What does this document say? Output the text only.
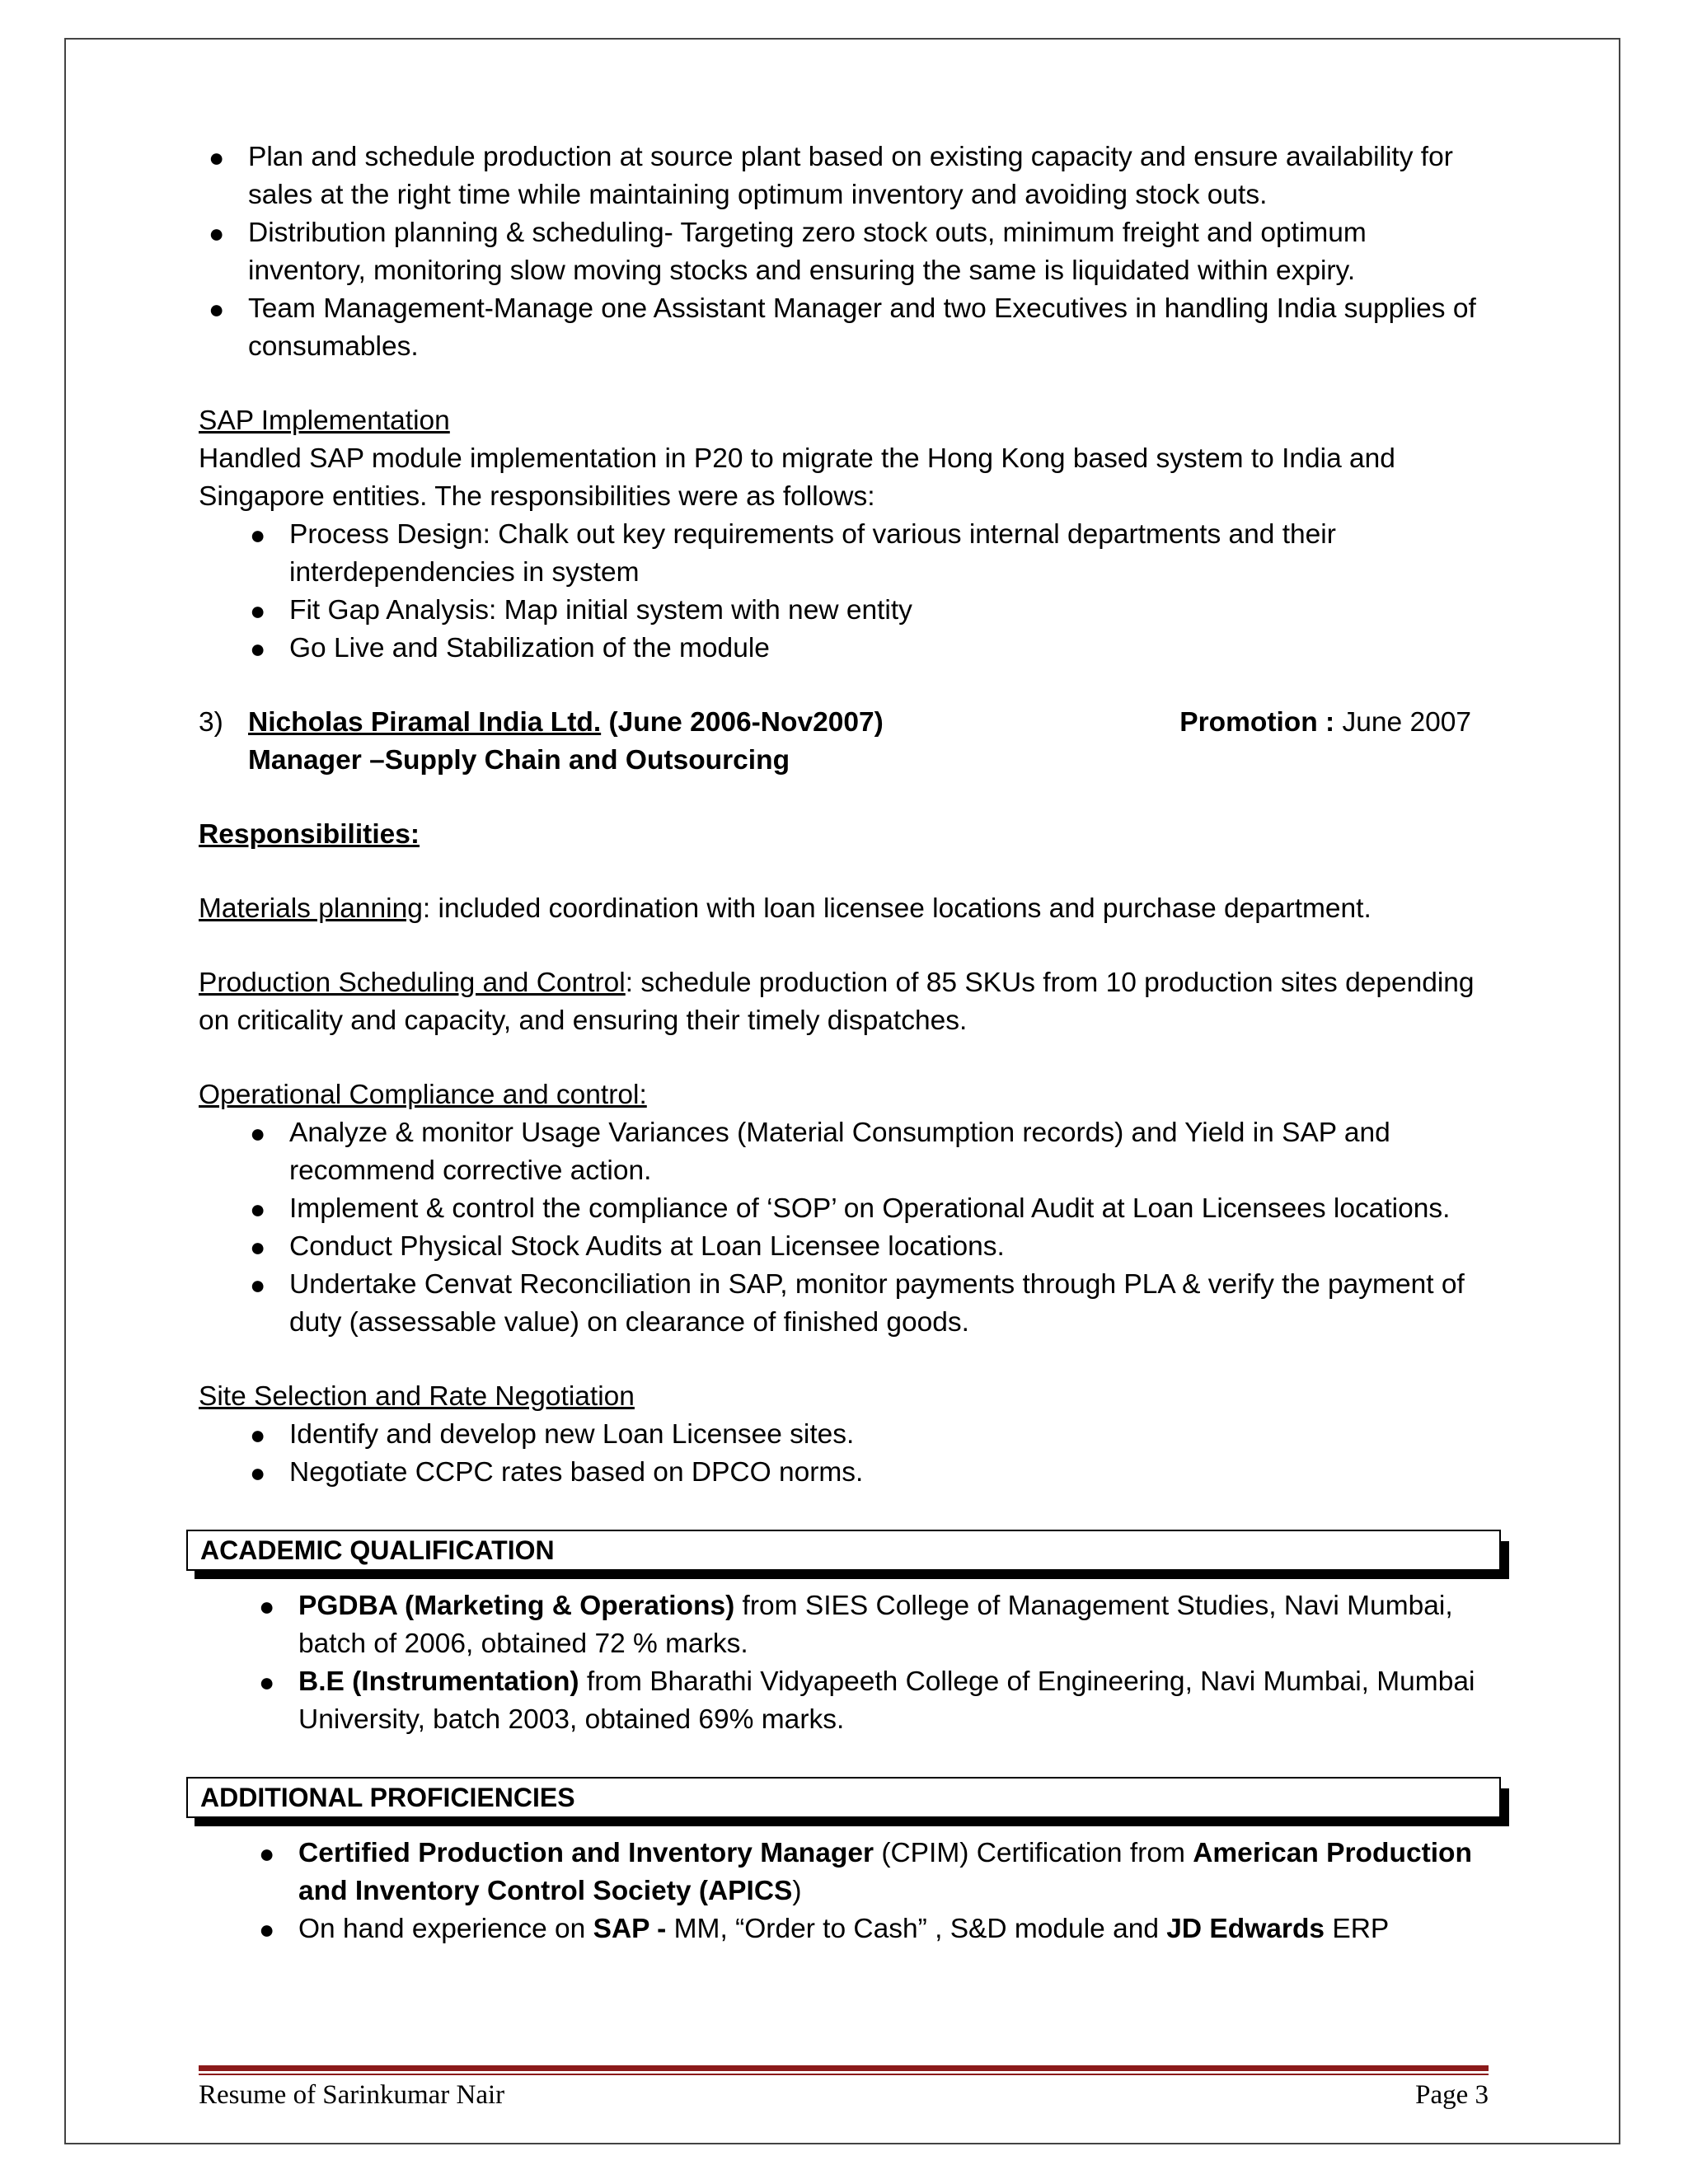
● Plan and schedule production at source plant based on existing capacity and ensure availability for sales at the right time while maintaining optimum inventory and avoiding stock outs.
● Distribution planning & scheduling- Targeting zero stock outs, minimum freight and optimum inventory, monitoring slow moving stocks and ensuring the same is liquidated within expiry.
● Team Management-Manage one Assistant Manager and two Executives in handling India supplies of consumables.

SAP Implementation

Handled SAP module implementation in P20 to migrate the Hong Kong based system to India and Singapore entities. The responsibilities were as follows:

● Process Design: Chalk out key requirements of various internal departments and their interdependencies in system
● Fit Gap Analysis: Map initial system with new entity
● Go Live and Stabilization of the module
3) Nicholas Piramal India Ltd. (June 2006-Nov2007)

Manager –Supply Chain and Outsourcing

Promotion : June 2007

Responsibilities:

Materials planning: included coordination with loan licensee locations and purchase department.

Production Scheduling and Control: schedule production of 85 SKUs from 10 production sites depending on criticality and capacity, and ensuring their timely dispatches.

Operational Compliance and control:

● Analyze & monitor Usage Variances (Material Consumption records) and Yield in SAP and recommend corrective action.
● Implement & control the compliance of ‘SOP’ on Operational Audit at Loan Licensees locations.
● Conduct Physical Stock Audits at Loan Licensee locations.
● Undertake Cenvat Reconciliation in SAP, monitor payments through PLA & verify the payment of duty (assessable value) on clearance of finished goods.

Site Selection and Rate Negotiation

● Identify and develop new Loan Licensee sites.
● Negotiate CCPC rates based on DPCO norms.
ACADEMIC QUALIFICATION
● PGDBA (Marketing & Operations) from SIES College of Management Studies, Navi Mumbai, batch of 2006, obtained 72 % marks.
● B.E (Instrumentation) from Bharathi Vidyapeeth College of Engineering, Navi Mumbai, Mumbai University, batch 2003, obtained 69% marks.
ADDITIONAL PROFICIENCIES
● Certified Production and Inventory Manager (CPIM) Certification from American Production and Inventory Control Society (APICS)
● On hand experience on SAP - MM, “Order to Cash” , S&D module and JD Edwards ERP
Resume of Sarinkumar Nair	Page 3
